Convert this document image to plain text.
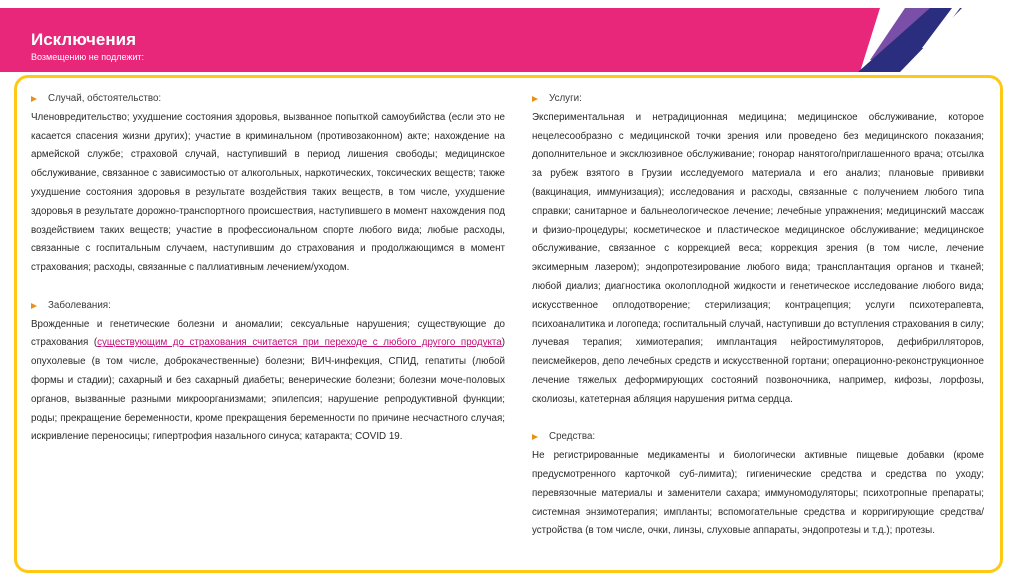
Исключения
Возмещению не подлежит:
Случай, обстоятельство:
Членовредительство; ухудшение состояния здоровья, вызванное попыткой самоубийства (если это не касается спасения жизни других); участие в криминальном (противозаконном) акте; нахождение на армейской службе; страховой случай, наступивший в период лишения свободы; медицинское обслуживание, связанное с зависимостью от алкогольных, наркотических, токсических веществ; также ухудшение состояния здоровья в результате воздействия таких веществ, в том числе, ухудшение здоровья в результате дорожно-транспортного происшествия, наступившего в момент нахождения под воздействием таких веществ; участие в профессиональном спорте любого вида; любые расходы, связанные с госпитальным случаем, наступившим до страхования и продолжающимся в момент страхования; расходы, связанные с паллиативным лечением/уходом.
Заболевания:
Врожденные и генетические болезни и аномалии; сексуальные нарушения; существующие до страхования (существующим до страхования считается при переходе с любого другого продукта) опухолевые (в том числе, доброкачественные) болезни; ВИЧ-инфекция, СПИД, гепатиты (любой формы и стадии); сахарный и без сахарный диабеты; венерические болезни; болезни моче-половых органов, вызванные разными микроорганизмами; эпилепсия; нарушение репродуктивной функции; роды; прекращение беременности, кроме прекращения беременности по причине несчастного случая; искривление переносицы; гипертрофия назального синуса; катаракта; COVID 19.
Услуги:
Экспериментальная и нетрадиционная медицина; медицинское обслуживание, которое нецелесообразно с медицинской точки зрения или проведено без медицинского показания; дополнительное и эксклюзивное обслуживание; гонорар нанятого/приглашенного врача; отсылка за рубеж взятого в Грузии исследуемого материала и его анализ; плановые прививки (вакцинация, иммунизация); исследования и расходы, связанные с получением любого типа справки; санитарное и бальнеологическое лечение; лечебные упражнения; медицинский массаж и физио-процедуры; косметическое и пластическое медицинское обслуживание; медицинское обслуживание, связанное с коррекцией веса; коррекция зрения (в том числе, лечение эксимерным лазером); эндопротезирование любого вида; трансплантация органов и тканей; любой диализ; диагностика околоплодной жидкости и генетическое исследование любого вида; искусственное оплодотворение; стерилизация; контрацепция; услуги психотерапевта, психоаналитика и логопеда; госпитальный случай, наступивши до вступления страхования в силу; лучевая терапия; химиотерапия; имплантация нейростимуляторов, дефибрилляторов, пеисмейкеров, депо лечебных средств и искусственной гортани; операционно-реконструкционное лечение тяжелых деформирующих состояний позвоночника, например, кифозы, лорфозы, сколиозы, катетерная абляция нарушения ритма сердца.
Средства:
Не регистрированные медикаменты и биологически активные пищевые добавки (кроме предусмотренного карточкой суб-лимита); гигиенические средства и средства по уходу; перевязочные материалы и заменители сахара; иммуномодуляторы; психотропные препараты; системная энзимотерапия; импланты; вспомогательные средства и корригирующие средства/устройства (в том числе, очки, линзы, слуховые аппараты, эндопротезы и т.д.); протезы.
